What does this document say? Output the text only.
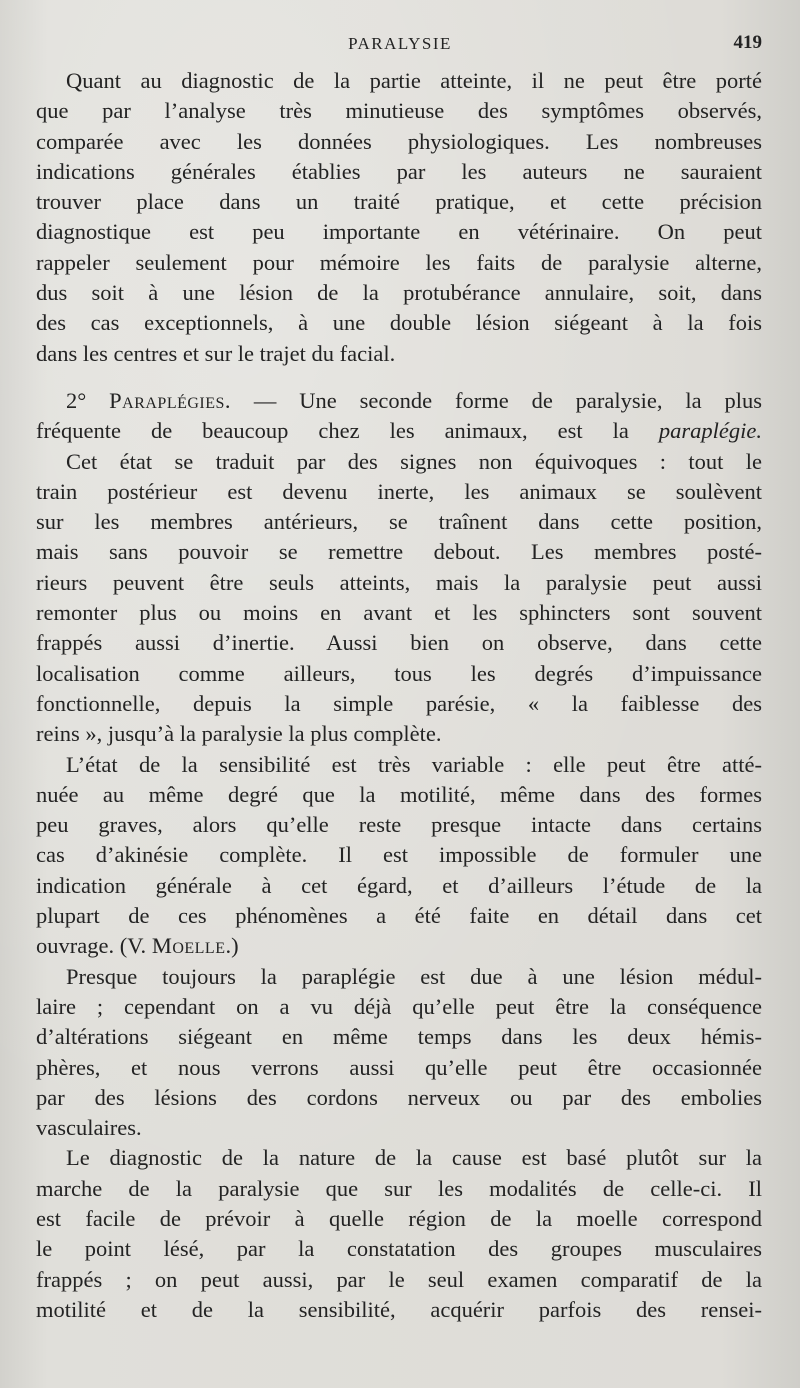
PARALYSIE	419
Quant au diagnostic de la partie atteinte, il ne peut être porté
que par l’analyse très minutieuse des symptômes observés,
comparée avec les données physiologiques. Les nombreuses
indications générales établies par les auteurs ne sauraient
trouver place dans un traité pratique, et cette précision
diagnostique est peu importante en vétérinaire. On peut
rappeler seulement pour mémoire les faits de paralysie alterne,
dus soit à une lésion de la protubérance annulaire, soit, dans
des cas exceptionnels, à une double lésion siégeant à la fois
dans les centres et sur le trajet du facial.
2° Paraplégies. — Une seconde forme de paralysie, la plus
fréquente de beaucoup chez les animaux, est la paraplégie.
Cet état se traduit par des signes non équivoques : tout le
train postérieur est devenu inerte, les animaux se soulèvent
sur les membres antérieurs, se traînent dans cette position,
mais sans pouvoir se remettre debout. Les membres posté-
rieurs peuvent être seuls atteints, mais la paralysie peut aussi
remonter plus ou moins en avant et les sphincters sont souvent
frappés aussi d’inertie. Aussi bien on observe, dans cette
localisation comme ailleurs, tous les degrés d’impuissance
fonctionnelle, depuis la simple parésie, « la faiblesse des
reins », jusqu’à la paralysie la plus complète.
L’état de la sensibilité est très variable : elle peut être atté-
nuée au même degré que la motilité, même dans des formes
peu graves, alors qu’elle reste presque intacte dans certains
cas d’akinésie complète. Il est impossible de formuler une
indication générale à cet égard, et d’ailleurs l’étude de la
plupart de ces phénomènes a été faite en détail dans cet
ouvrage. (V. Moelle.)
Presque toujours la paraplégie est due à une lésion médul-
laire ; cependant on a vu déjà qu’elle peut être la conséquence
d’altérations siégeant en même temps dans les deux hémis-
phères, et nous verrons aussi qu’elle peut être occasionnée
par des lésions des cordons nerveux ou par des embolies
vasculaires.
Le diagnostic de la nature de la cause est basé plutôt sur la
marche de la paralysie que sur les modalités de celle-ci. Il
est facile de prévoir à quelle région de la moelle correspond
le point lésé, par la constatation des groupes musculaires
frappés ; on peut aussi, par le seul examen comparatif de la
motilité et de la sensibilité, acquérir parfois des rensei-
